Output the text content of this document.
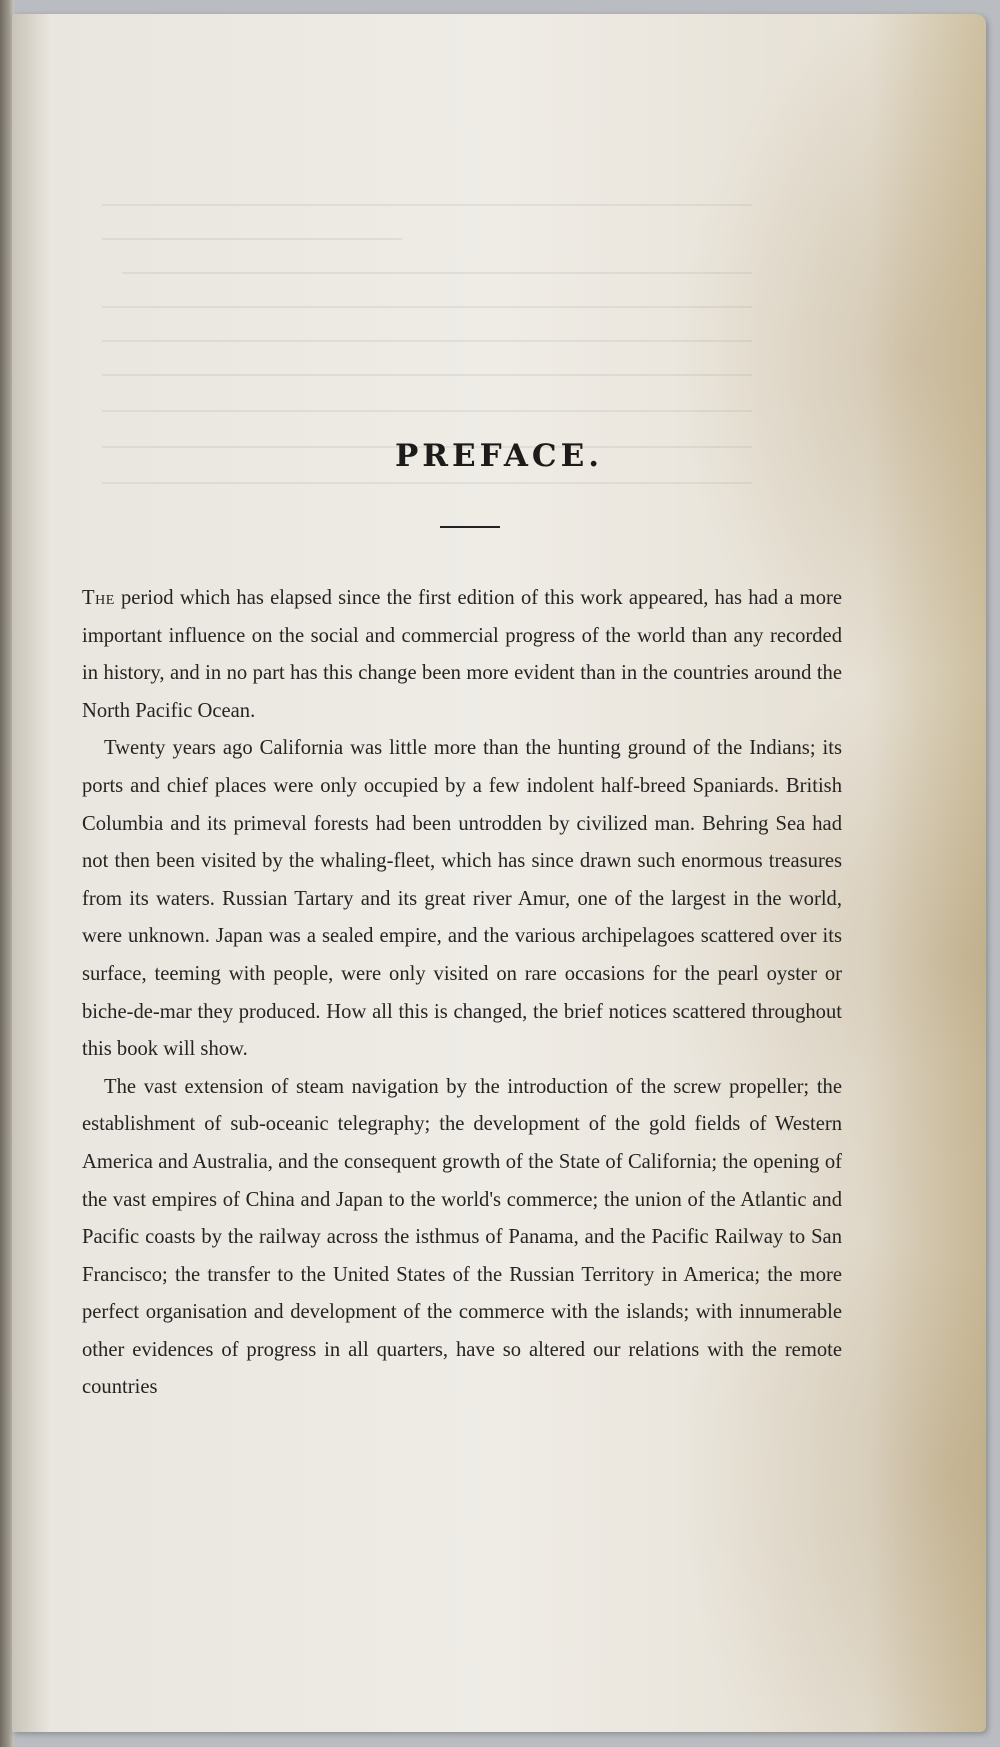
PREFACE.

The period which has elapsed since the first edition of this work appeared, has had a more important influence on the social and commercial progress of the world than any recorded in history, and in no part has this change been more evident than in the countries around the North Pacific Ocean.

Twenty years ago California was little more than the hunting ground of the Indians; its ports and chief places were only occupied by a few indolent half-breed Spaniards. British Columbia and its primeval forests had been untrodden by civilized man. Behring Sea had not then been visited by the whaling-fleet, which has since drawn such enormous treasures from its waters. Russian Tartary and its great river Amur, one of the largest in the world, were unknown. Japan was a sealed empire, and the various archipelagoes scattered over its surface, teeming with people, were only visited on rare occasions for the pearl oyster or biche-de-mar they produced. How all this is changed, the brief notices scattered throughout this book will show.

The vast extension of steam navigation by the introduction of the screw propeller; the establishment of sub-oceanic telegraphy; the development of the gold fields of Western America and Australia, and the consequent growth of the State of California; the opening of the vast empires of China and Japan to the world's commerce; the union of the Atlantic and Pacific coasts by the railway across the isthmus of Panama, and the Pacific Railway to San Francisco; the transfer to the United States of the Russian Territory in America; the more perfect organisation and development of the commerce with the islands; with innumerable other evidences of progress in all quarters, have so altered our relations with the remote countries
